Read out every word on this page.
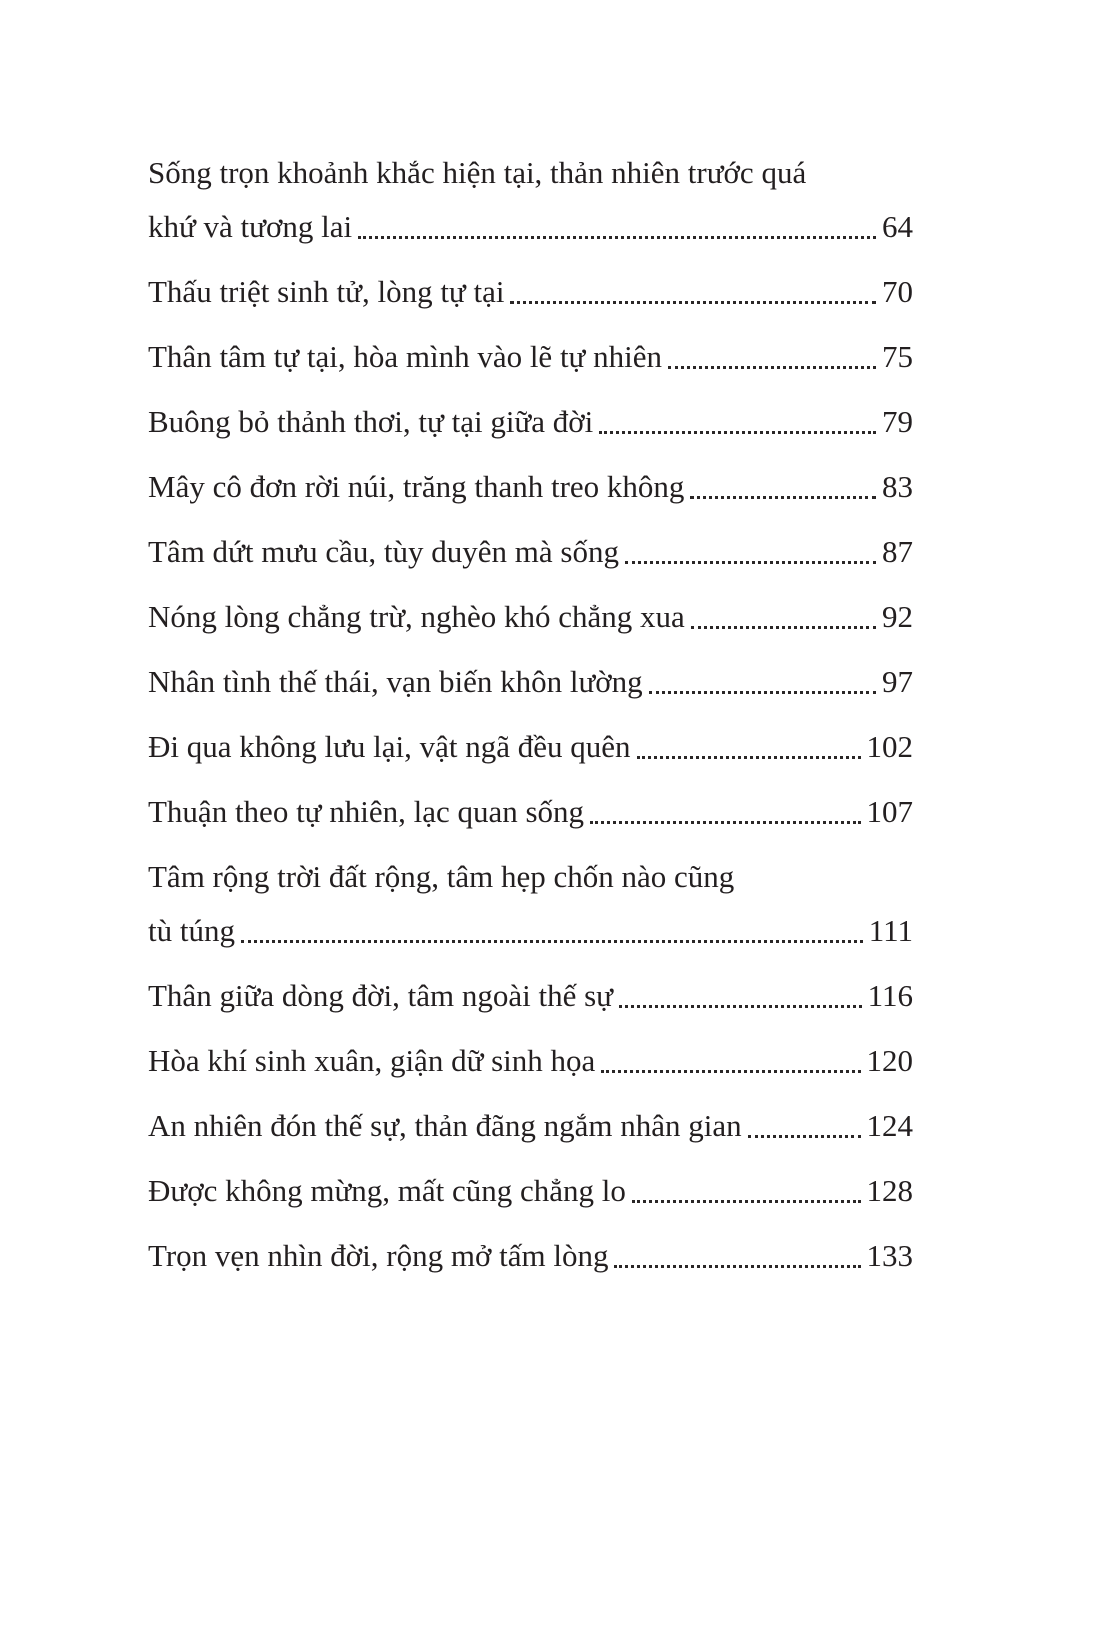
Sống trọn khoảnh khắc hiện tại, thản nhiên trước quá
khứ và tương lai	64
Thấu triệt sinh tử, lòng tự tại	70
Thân tâm tự tại, hòa mình vào lẽ tự nhiên	75
Buông bỏ thảnh thơi, tự tại giữa đời	79
Mây cô đơn rời núi, trăng thanh treo không	83
Tâm dứt mưu cầu, tùy duyên mà sống	87
Nóng lòng chẳng trừ, nghèo khó chẳng xua	92
Nhân tình thế thái, vạn biến khôn lường	97
Đi qua không lưu lại, vật ngã đều quên	102
Thuận theo tự nhiên, lạc quan sống	107
Tâm rộng trời đất rộng, tâm hẹp chốn nào cũng
tù túng	111
Thân giữa dòng đời, tâm ngoài thế sự	116
Hòa khí sinh xuân, giận dữ sinh họa	120
An nhiên đón thế sự, thản đãng ngắm nhân gian	124
Được không mừng, mất cũng chẳng lo	128
Trọn vẹn nhìn đời, rộng mở tấm lòng	133
